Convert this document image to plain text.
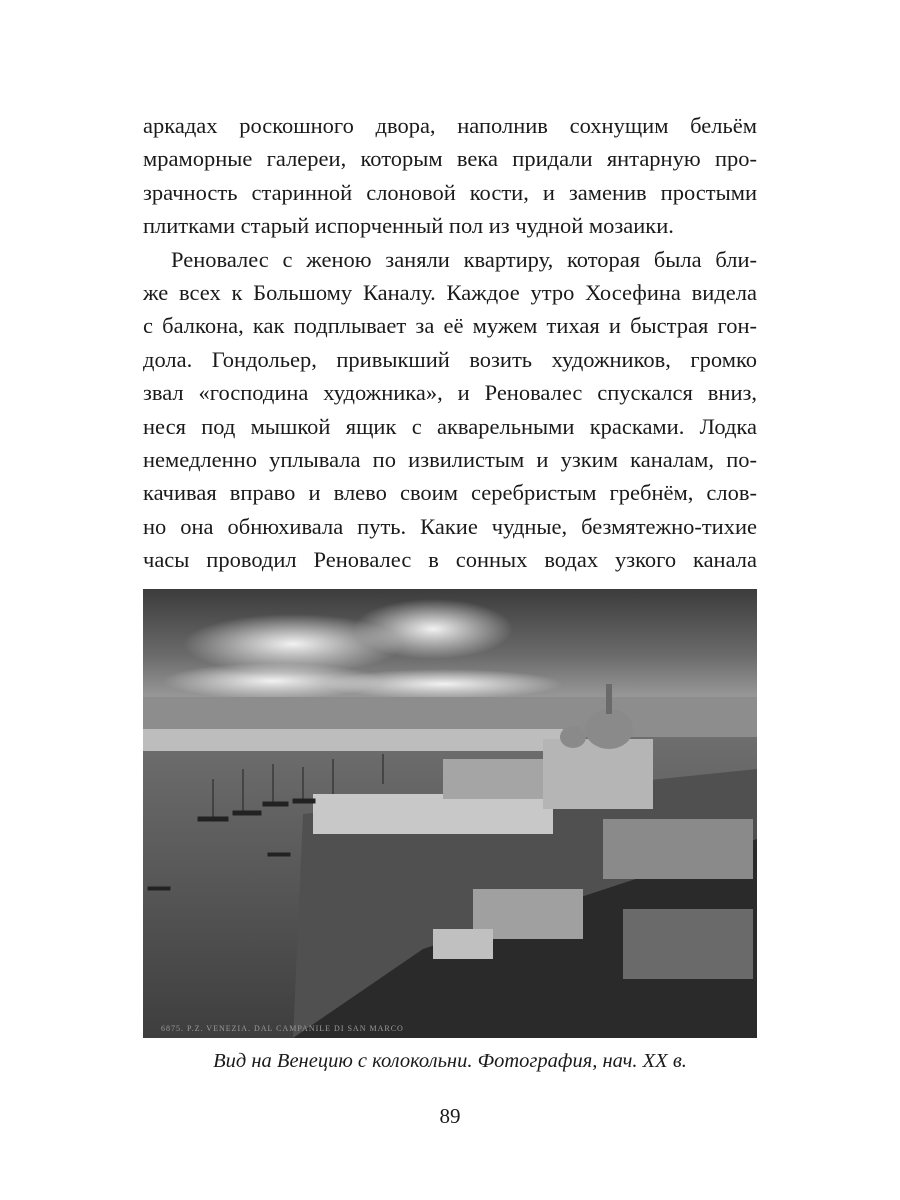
аркадах роскошного двора, наполнив сохнущим бельём
мраморные галереи, которым века придали янтарную про-
зрачность старинной слоновой кости, и заменив простыми
плитками старый испорченный пол из чудной мозаики.
Реновалес с женою заняли квартиру, которая была бли-
же всех к Большому Каналу. Каждое утро Хосефина видела
с балкона, как подплывает за её мужем тихая и быстрая гон-
дола. Гондольер, привыкший возить художников, громко
звал «господина художника», и Реновалес спускался вниз,
неся под мышкой ящик с акварельными красками. Лодка
немедленно уплывала по извилистым и узким каналам, по-
качивая вправо и влево своим серебристым гребнём, слов-
но она обнюхивала путь. Какие чудные, безмятежно-тихие
часы проводил Реновалес в сонных водах узкого канала
6875. P.Z. VENEZIA. DAL CAMPANILE DI SAN MARCO
Вид на Венецию с колокольни. Фотография, нач. XX в.
89
